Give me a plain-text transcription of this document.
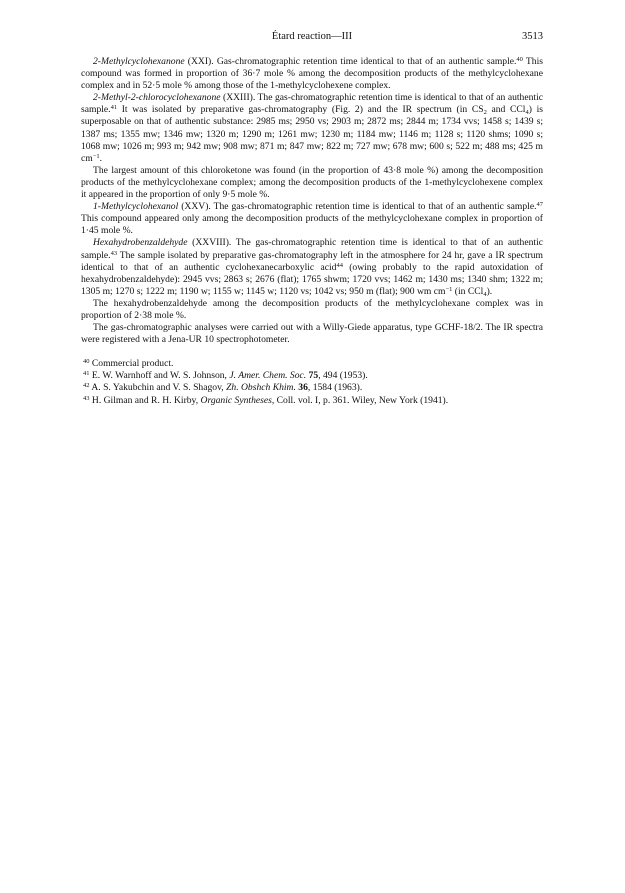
Étard reaction—III	3513

2-Methylcyclohexanone (XXI). Gas-chromatographic retention time identical to that of an authentic sample.$^{40}$ This compound was formed in proportion of 36·7 mole % among the decomposition products of the methylcyclohexane complex and in 52·5 mole % among those of the 1-methylcyclohexene complex.

2-Methyl-2-chlorocyclohexanone (XXIII). The gas-chromatographic retention time is identical to that of an authentic sample.$^{41}$ It was isolated by preparative gas-chromatography (Fig. 2) and the IR spectrum (in $CS_2$ and CCl$_4$) is superposable on that of authentic substance: 2985 ms; 2950 vs; 2903 m; 2872 ms; 2844 m; 1734 vvs; 1458 s; 1439 s; 1387 ms; 1355 mw; 1346 mw; 1320 m; 1290 m; 1261 mw; 1230 m; 1184 mw; 1146 m; 1128 s; 1120 shms; 1090 s; 1068 mw; 1026 m; 993 m; 942 mw; 908 mw; 871 m; 847 mw; 822 m; 727 mw; 678 mw; 600 s; 522 m; 488 ms; 425 m $cm^{-1}$.

The largest amount of this chloroketone was found (in the proportion of 43·8 mole %) among the decomposition products of the methylcyclohexane complex; among the decomposition products of the 1-methylcyclohexene complex it appeared in the proportion of only 9·5 mole %.

1-Methylcyclohexanol (XXV). The gas-chromatographic retention time is identical to that of an authentic sample.$^{47}$ This compound appeared only among the decomposition products of the methylcyclohexane complex in proportion of 1·45 mole %.

Hexahydrobenzaldehyde (XXVIII). The gas-chromatographic retention time is identical to that of an authentic sample.$^{43}$ The sample isolated by preparative gas-chromatography left in the atmosphere for 24 hr, gave a IR spectrum identical to that of an authentic cyclohexanecarboxylic acid$^{44}$ (owing probably to the rapid autoxidation of hexahydrobenzaldehyde): 2945 vvs; 2863 s; 2676 (flat); 1765 shwm; 1720 vvs; 1462 m; 1430 ms; 1340 shm; 1322 m; 1305 m; 1270 s; 1222 m; 1190 w; 1155 w; 1145 w; 1120 vs; 1042 vs; 950 m (flat); 900 wm $cm^{-1}$ (in CCl$_4$).

The hexahydrobenzaldehyde among the decomposition products of the methylcyclohexane complex was in proportion of 2·38 mole %.

The gas-chromatographic analyses were carried out with a Willy-Giede apparatus, type GCHF-18/2. The IR spectra were registered with a Jena-UR 10 spectrophotometer.

$^{40}$ Commercial product.

$^{41}$ E. W. Warnhoff and W. S. Johnson, J. Amer. Chem. Soc. 75, 494 (1953).

$^{42}$ A. S. Yakubchin and V. S. Shagov, Zh. Obshch Khim. 36, 1584 (1963).

$^{43}$ H. Gilman and R. H. Kirby, Organic Syntheses, Coll. vol. I, p. 361. Wiley, New York (1941).
